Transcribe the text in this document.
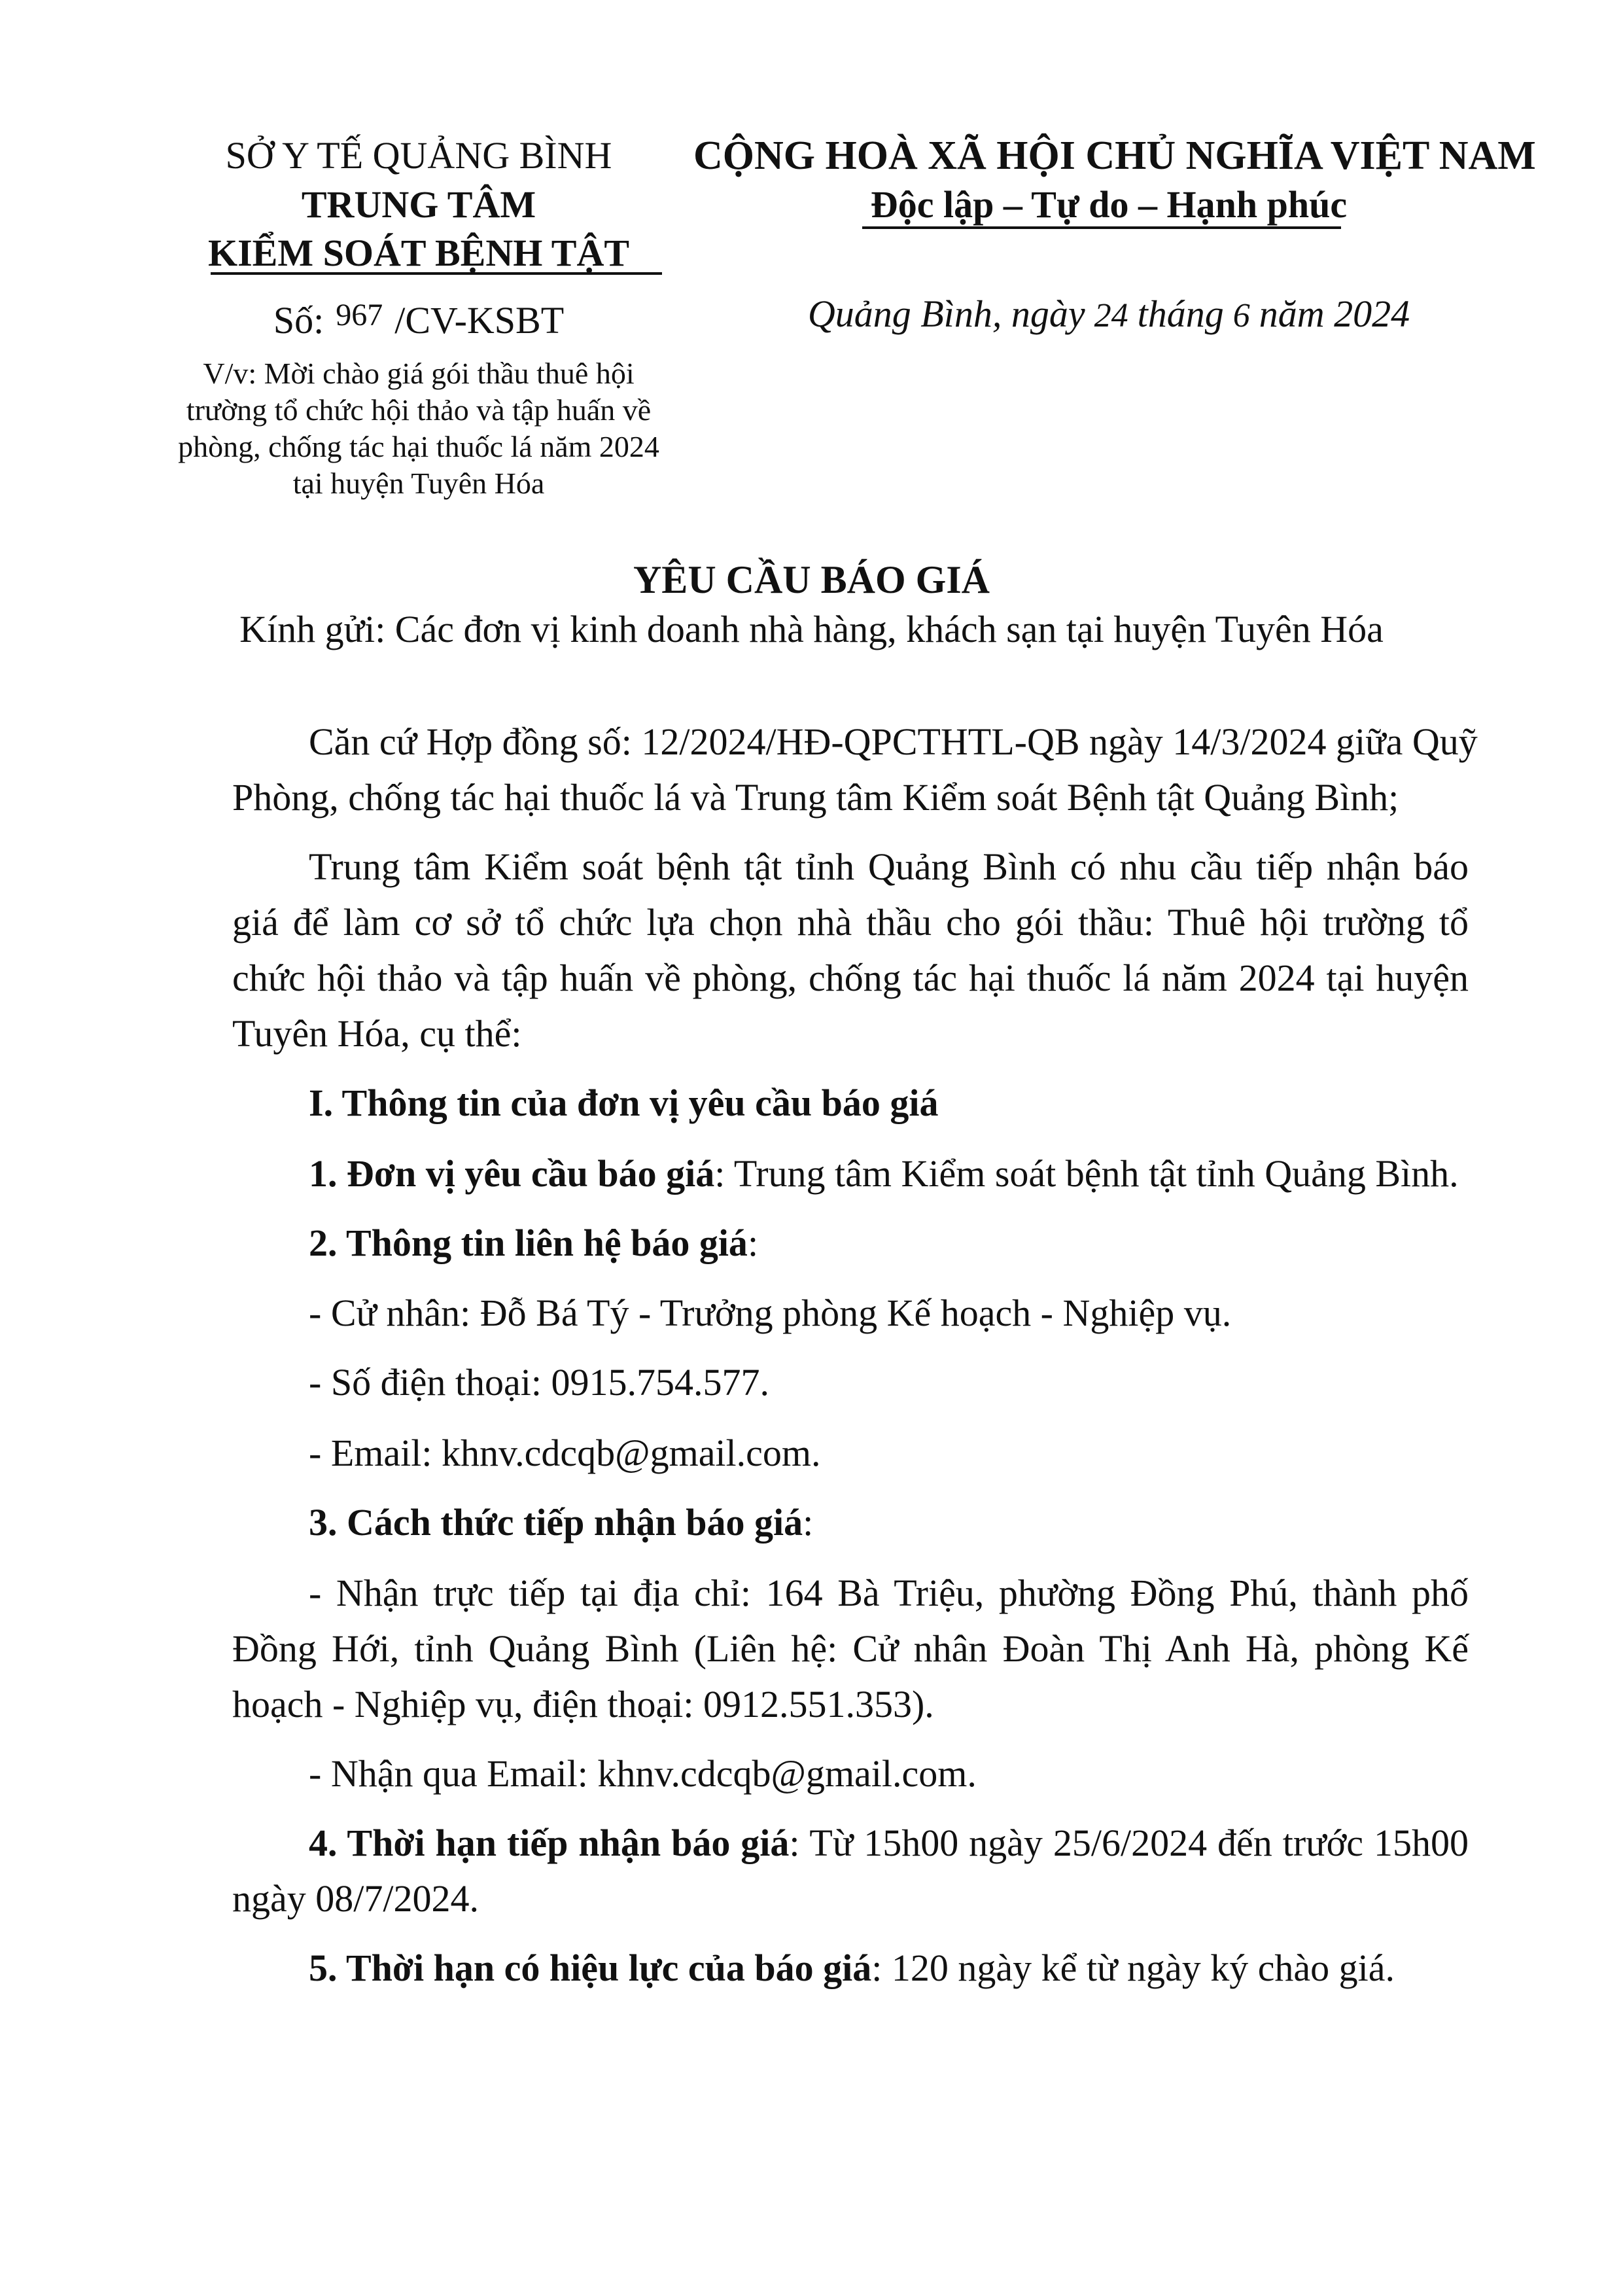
SỞ Y TẾ QUẢNG BÌNH
TRUNG TÂM
KIỂM SOÁT BỆNH TẬT
CỘNG HOÀ XÃ HỘI CHỦ NGHĨA VIỆT NAM
Độc lập – Tự do – Hạnh phúc
Số: $^{967}$ /CV-KSBT	Quảng Bình, ngày 24 tháng 6 năm 2024
V/v: Mời chào giá gói thầu thuê hội trường tổ chức hội thảo và tập huấn về phòng, chống tác hại thuốc lá năm 2024 tại huyện Tuyên Hóa
YÊU CẦU BÁO GIÁ
Kính gửi: Các đơn vị kinh doanh nhà hàng, khách sạn tại huyện Tuyên Hóa
Căn cứ Hợp đồng số: 12/2024/HĐ-QPCTHTL-QB ngày 14/3/2024 giữa Quỹ
Phòng, chống tác hại thuốc lá và Trung tâm Kiểm soát Bệnh tật Quảng Bình;
Trung tâm Kiểm soát bệnh tật tỉnh Quảng Bình có nhu cầu tiếp nhận báo
giá để làm cơ sở tổ chức lựa chọn nhà thầu cho gói thầu: Thuê hội trường tổ
chức hội thảo và tập huấn về phòng, chống tác hại thuốc lá năm 2024 tại huyện
Tuyên Hóa, cụ thể:
I. Thông tin của đơn vị yêu cầu báo giá
1. Đơn vị yêu cầu báo giá: Trung tâm Kiểm soát bệnh tật tỉnh Quảng Bình.
2. Thông tin liên hệ báo giá:
- Cử nhân: Đỗ Bá Tý - Trưởng phòng Kế hoạch - Nghiệp vụ.
- Số điện thoại: 0915.754.577.
- Email: khnv.cdcqb@gmail.com.
3. Cách thức tiếp nhận báo giá:
- Nhận trực tiếp tại địa chỉ: 164 Bà Triệu, phường Đồng Phú, thành phố
Đồng Hới, tỉnh Quảng Bình (Liên hệ: Cử nhân Đoàn Thị Anh Hà, phòng Kế
hoạch - Nghiệp vụ, điện thoại: 0912.551.353).
- Nhận qua Email: khnv.cdcqb@gmail.com.
4. Thời hạn tiếp nhận báo giá: Từ 15h00 ngày 25/6/2024 đến trước 15h00
ngày 08/7/2024.
5. Thời hạn có hiệu lực của báo giá: 120 ngày kể từ ngày ký chào giá.
